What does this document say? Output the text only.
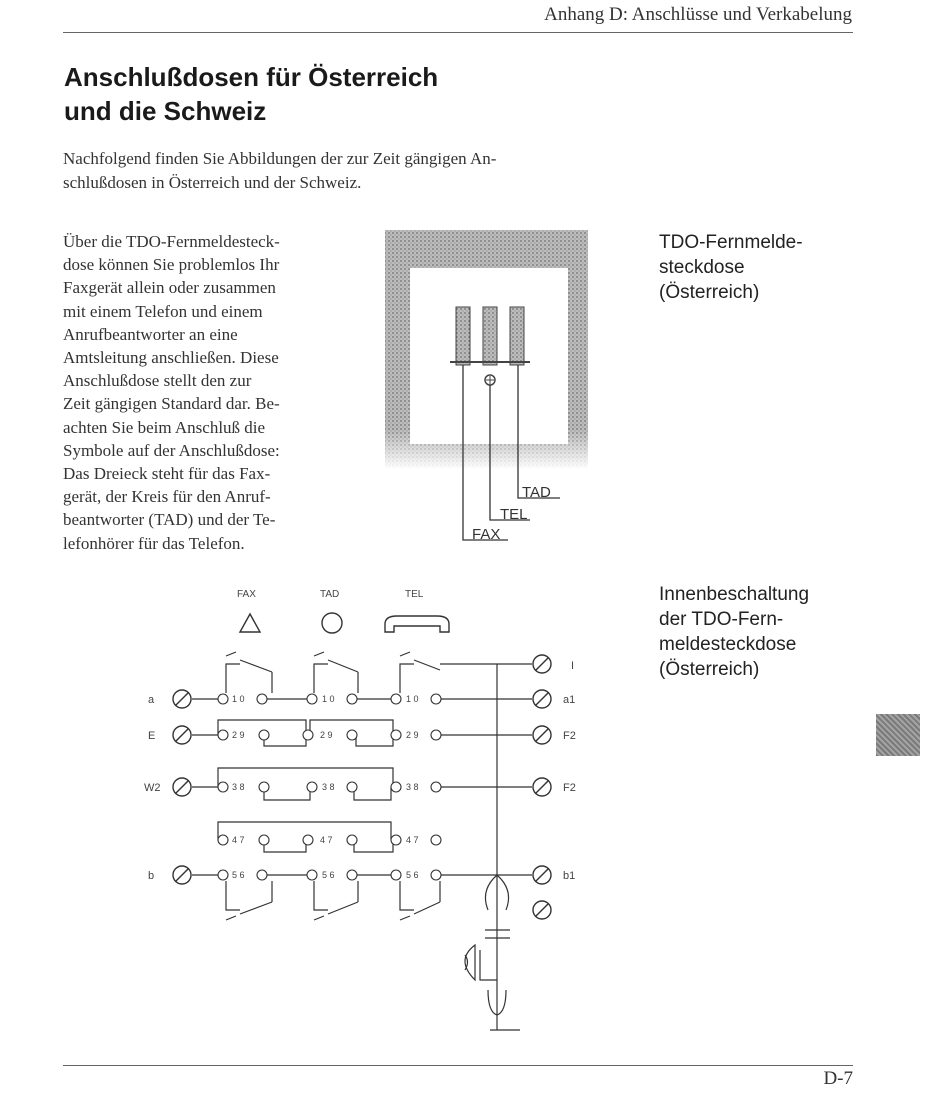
Anhang D: Anschlüsse und Verkabelung
Anschlußdosen für Österreich
und die Schweiz

Nachfolgend finden Sie Abbildungen der zur Zeit gängigen An-
schlußdosen in Österreich und der Schweiz.

Über die TDO-Fernmeldesteck-
dose können Sie problemlos Ihr
Faxgerät allein oder zusammen
mit einem Telefon und einem
Anrufbeantworter an eine
Amtsleitung anschließen. Diese
Anschlußdose stellt den zur
Zeit gängigen Standard dar. Be-
achten Sie beim Anschluß die
Symbole auf der Anschlußdose:
Das Dreieck steht für das Fax-
gerät, der Kreis für den Anruf-
beantworter (TAD) und der Te-
lefonhörer für das Telefon.

TDO-Fernmelde-
steckdose
(Österreich)
Innenbeschaltung
der TDO-Fern-
meldesteckdose
(Österreich)
TAD
TEL
FAX
FAX	TAD	TEL
a
E
W2
b
I
a1
F2
F2
b1
1 0	1 0	1 0
2 9	2 9	2 9
3 8	3 8	3 8
4 7	4 7	4 7
5 6	5 6	5 6
D-7
